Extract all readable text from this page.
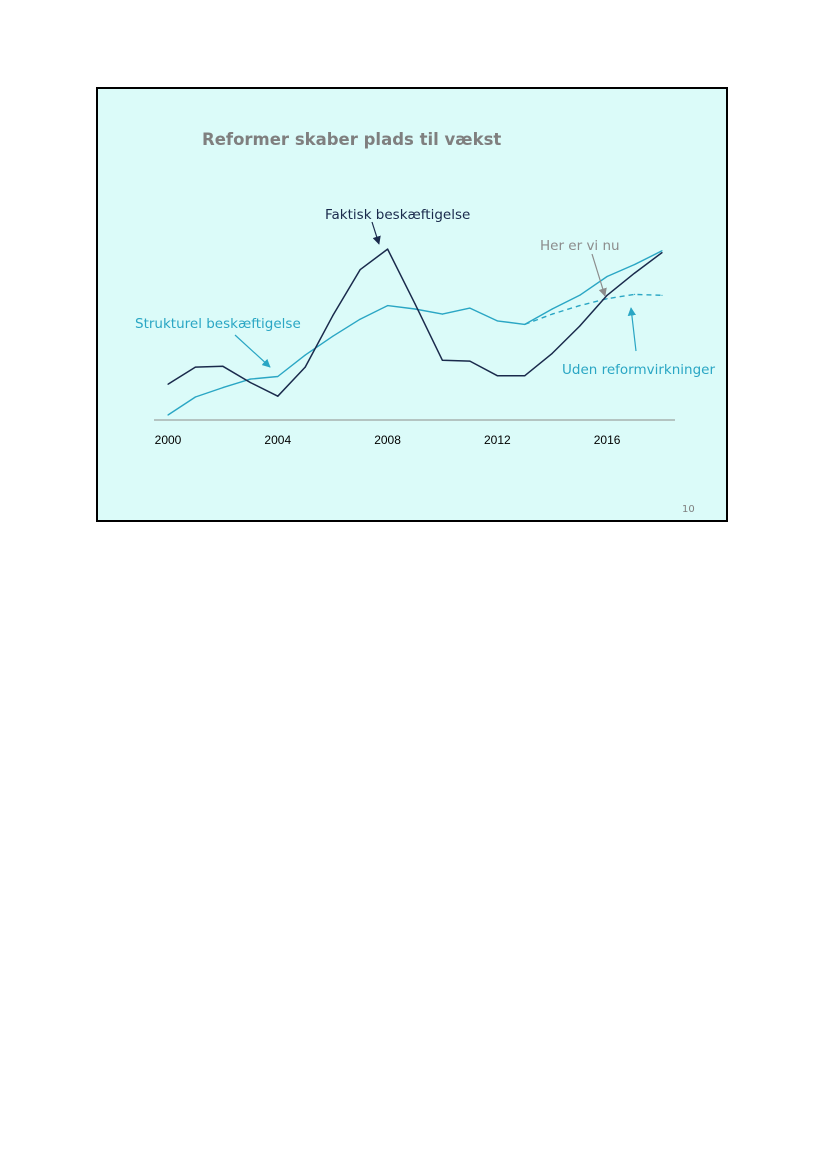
Reformer skaber plads til vækst
2000	2004	2008	2012	2016
Faktisk beskæftigelse
Strukturel beskæftigelse
Her er vi nu
Uden reformvirkninger
10
